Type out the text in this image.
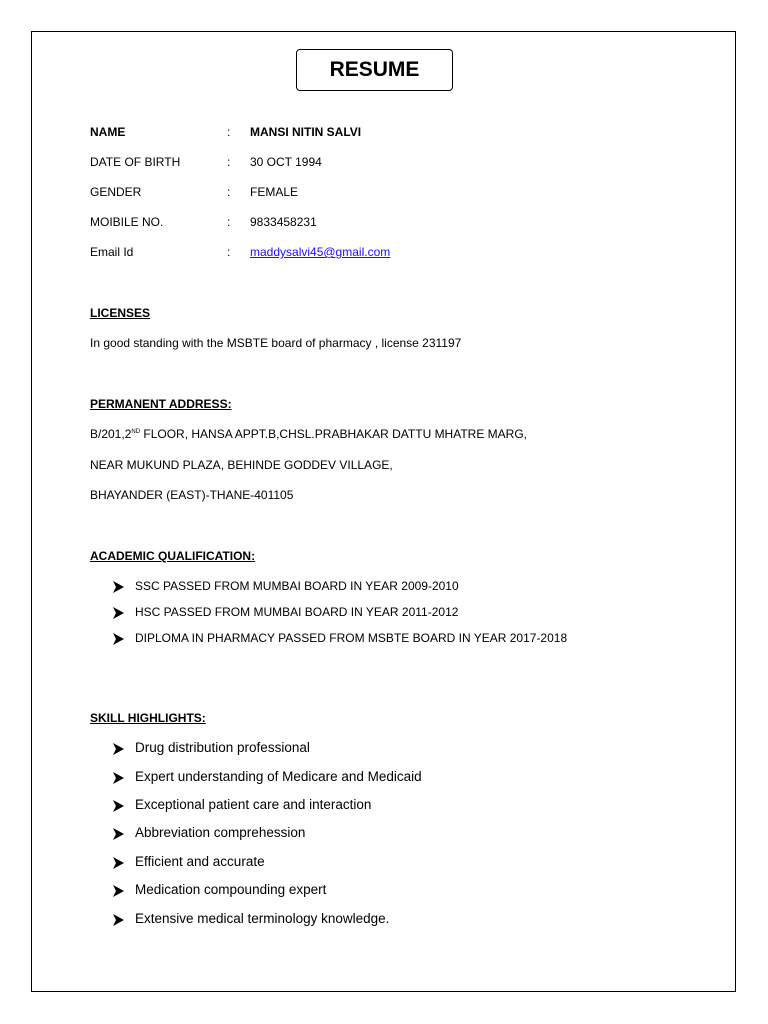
RESUME
NAME	: MANSI NITIN SALVI
DATE OF BIRTH	: 30 OCT 1994
GENDER	: FEMALE
MOIBILE NO.	: 9833458231
Email Id	: maddysalvi45@gmail.com
LICENSES
In good standing with the MSBTE board of pharmacy , license 231197
PERMANENT ADDRESS:
B/201,2ND FLOOR, HANSA APPT.B,CHSL.PRABHAKAR DATTU MHATRE MARG,
NEAR MUKUND PLAZA, BEHINDE GODDEV VILLAGE,
BHAYANDER (EAST)-THANE-401105
ACADEMIC QUALIFICATION:
SSC PASSED FROM MUMBAI BOARD IN YEAR 2009-2010
HSC PASSED FROM MUMBAI BOARD IN YEAR 2011-2012
DIPLOMA IN PHARMACY PASSED FROM MSBTE BOARD IN YEAR 2017-2018
SKILL HIGHLIGHTS:
Drug distribution professional
Expert understanding of Medicare and Medicaid
Exceptional patient care and interaction
Abbreviation comprehession
Efficient and accurate
Medication compounding expert
Extensive medical terminology knowledge.
